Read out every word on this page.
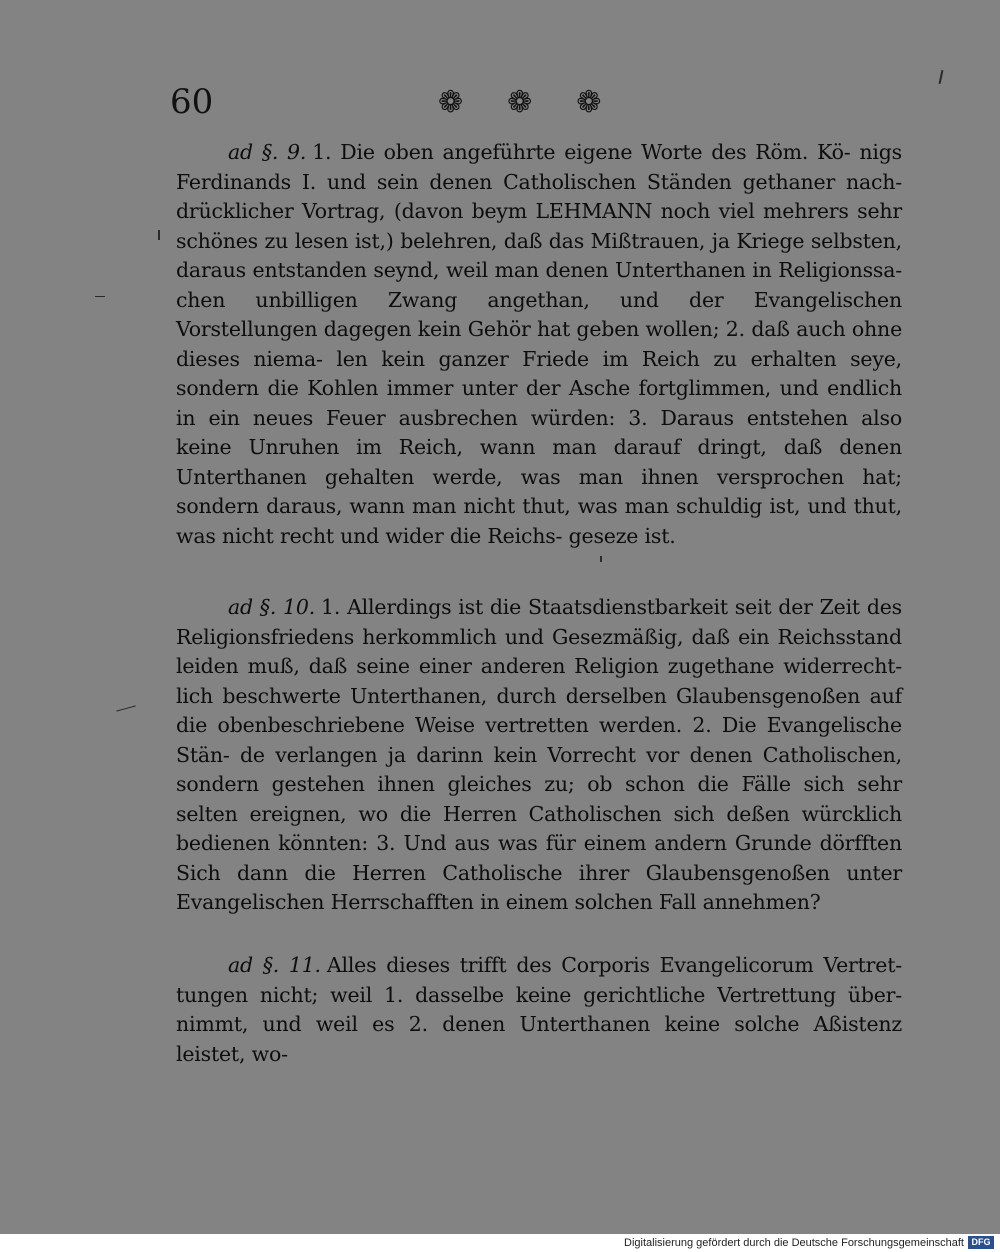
60	❁ ❁ ❁

ad §. 9. 1. Die oben angeführte eigene Worte des Röm. Kö- nigs Ferdinands I. und sein denen Catholischen Ständen gethaner nach- drücklicher Vortrag, (davon beym LEHMANN noch viel mehrers sehr schönes zu lesen ist,) belehren, daß das Mißtrauen, ja Kriege selbsten, daraus entstanden seynd, weil man denen Unterthanen in Religionssa- chen unbilligen Zwang angethan, und der Evangelischen Vorstellungen dagegen kein Gehör hat geben wollen; 2. daß auch ohne dieses niema- len kein ganzer Friede im Reich zu erhalten seye, sondern die Kohlen immer unter der Asche fortglimmen, und endlich in ein neues Feuer ausbrechen würden: 3. Daraus entstehen also keine Unruhen im Reich, wann man darauf dringt, daß denen Unterthanen gehalten werde, was man ihnen versprochen hat; sondern daraus, wann man nicht thut, was man schuldig ist, und thut, was nicht recht und wider die Reichs- geseze ist.

ad §. 10. 1. Allerdings ist die Staatsdienstbarkeit seit der Zeit des Religionsfriedens herkommlich und Gesezmäßig, daß ein Reichsstand leiden muß, daß seine einer anderen Religion zugethane widerrecht- lich beschwerte Unterthanen, durch derselben Glaubensgenoßen auf die obenbeschriebene Weise vertretten werden. 2. Die Evangelische Stän- de verlangen ja darinn kein Vorrecht vor denen Catholischen, sondern gestehen ihnen gleiches zu; ob schon die Fälle sich sehr selten ereignen, wo die Herren Catholischen sich deßen würcklich bedienen könnten: 3. Und aus was für einem andern Grunde dörfften Sich dann die Herren Catholische ihrer Glaubensgenoßen unter Evangelischen Herrschafften in einem solchen Fall annehmen?

ad §. 11. Alles dieses trifft des Corporis Evangelicorum Vertret- tungen nicht; weil 1. dasselbe keine gerichtliche Vertrettung über- nimmt, und weil es 2. denen Unterthanen keine solche Aßistenz leistet, wo-

Digitalisierung gefördert durch die Deutsche Forschungsgemeinschaft DFG
